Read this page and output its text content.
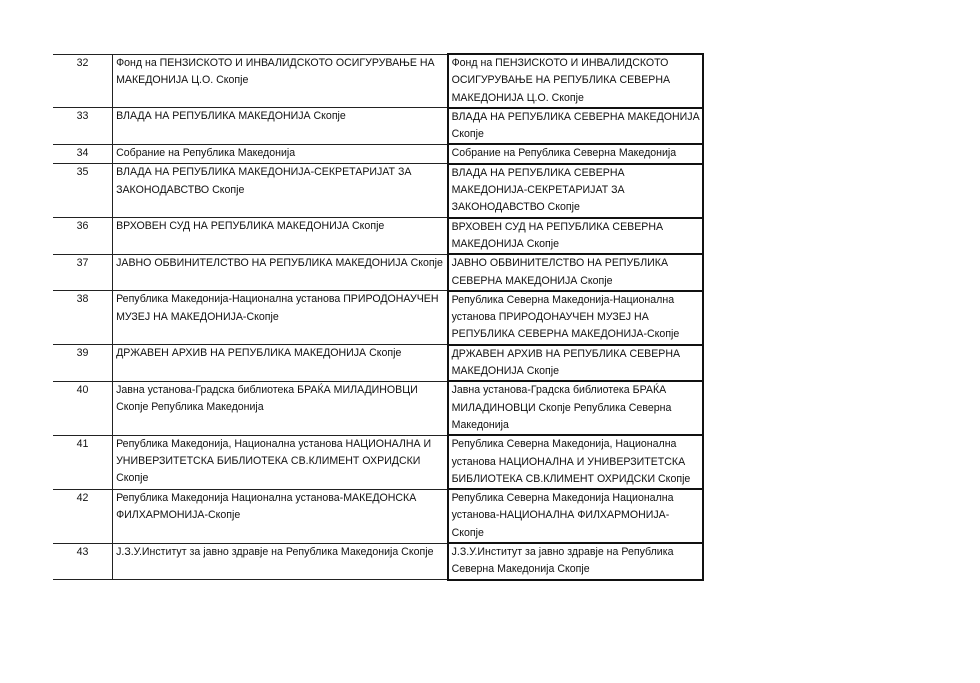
32	Фонд на ПЕНЗИСКОТО И ИНВАЛИДСКОТО ОСИГУРУВАЊЕ НА МАКЕДОНИЈА Ц.О. Скопје	Фонд на ПЕНЗИСКОТО И ИНВАЛИДСКОТО ОСИГУРУВАЊЕ НА РЕПУБЛИКА СЕВЕРНА МАКЕДОНИЈА Ц.О. Скопје
33	ВЛАДА НА РЕПУБЛИКА МАКЕДОНИЈА Скопје	ВЛАДА НА РЕПУБЛИКА СЕВЕРНА МАКЕДОНИЈА Скопје
34	Собрание на Република Македонија	Собрание на Република Северна Македонија
35	ВЛАДА НА РЕПУБЛИКА МАКЕДОНИЈА-СЕКРЕТАРИЈАТ ЗА ЗАКОНОДАВСТВО Скопје	ВЛАДА НА РЕПУБЛИКА СЕВЕРНА МАКЕДОНИЈА-СЕКРЕТАРИЈАТ ЗА ЗАКОНОДАВСТВО Скопје
36	ВРХОВЕН СУД НА РЕПУБЛИКА МАКЕДОНИЈА Скопје	ВРХОВЕН СУД НА РЕПУБЛИКА СЕВЕРНА МАКЕДОНИЈА Скопје
37	ЈАВНО ОБВИНИТЕЛСТВО НА РЕПУБЛИКА МАКЕДОНИЈА Скопје	ЈАВНО ОБВИНИТЕЛСТВО НА РЕПУБЛИКА СЕВЕРНА МАКЕДОНИЈА Скопје
38	Република Македонија-Национална установа ПРИРОДОНАУЧЕН МУЗЕЈ НА МАКЕДОНИЈА-Скопје	Република Северна Македонија-Национална установа ПРИРОДОНАУЧЕН МУЗЕЈ НА РЕПУБЛИКА СЕВЕРНА МАКЕДОНИЈА-Скопје
39	ДРЖАВЕН АРХИВ НА РЕПУБЛИКА МАКЕДОНИЈА Скопје	ДРЖАВЕН АРХИВ НА РЕПУБЛИКА СЕВЕРНА МАКЕДОНИЈА Скопје
40	Јавна установа-Градска библиотека БРАЌА МИЛАДИНОВЦИ Скопје Република Македонија	Јавна установа-Градска библиотека БРАЌА МИЛАДИНОВЦИ Скопје Република Северна Македонија
41	Република Македонија, Национална установа НАЦИОНАЛНА И УНИВЕРЗИТЕТСКА БИБЛИОТЕКА СВ.КЛИМЕНТ ОХРИДСКИ Скопје	Република Северна Македонија, Национална установа НАЦИОНАЛНА И УНИВЕРЗИТЕТСКА БИБЛИОТЕКА СВ.КЛИМЕНТ ОХРИДСКИ Скопје
42	Република Македонија Национална установа-МАКЕДОНСКА ФИЛХАРМОНИЈА-Скопје	Република Северна Македонија Национална установа-НАЦИОНАЛНА ФИЛХАРМОНИЈА-Скопје
43	Ј.З.У.Институт за јавно здравје на Република Македонија Скопје	Ј.З.У.Институт за јавно здравје на Република Северна Македонија Скопје
